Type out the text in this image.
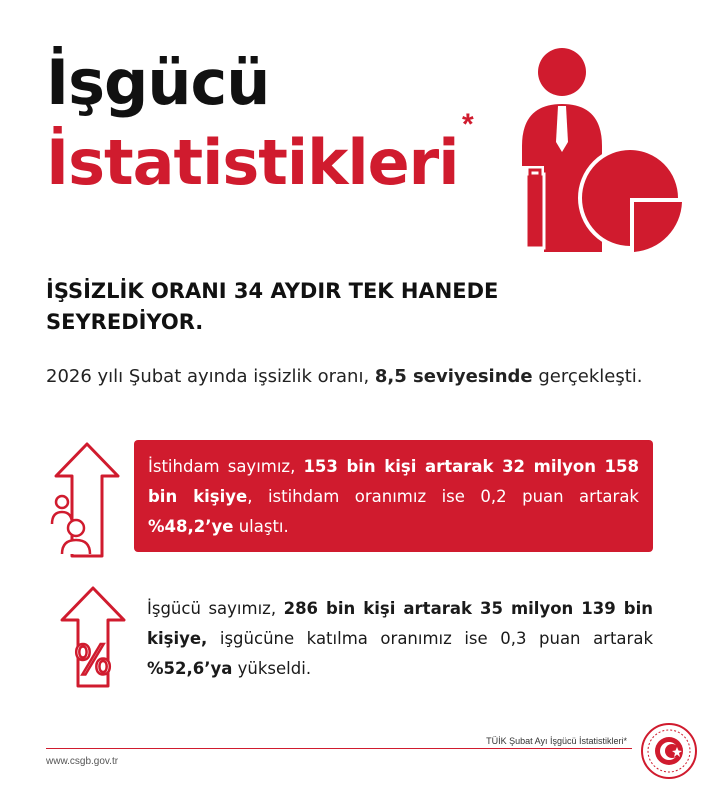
İşgücü
İstatistikleri
*
İŞSİZLİK ORANI 34 AYDIR TEK HANEDE
SEYREDİYOR.
2026 yılı Şubat ayında işsizlik oranı, 8,5 seviyesinde gerçekleşti.
İstihdam sayımız, 153 bin kişi artarak 32 milyon 158 bin kişiye, istihdam oranımız ise 0,2 puan artarak %48,2’ye ulaştı.
%
İşgücü sayımız, 286 bin kişi artarak 35 milyon 139 bin kişiye, işgücüne katılma oranımız ise 0,3 puan artarak %52,6’ya yükseldi.
TÜİK Şubat Ayı İşgücü İstatistikleri*
www.csgb.gov.tr
